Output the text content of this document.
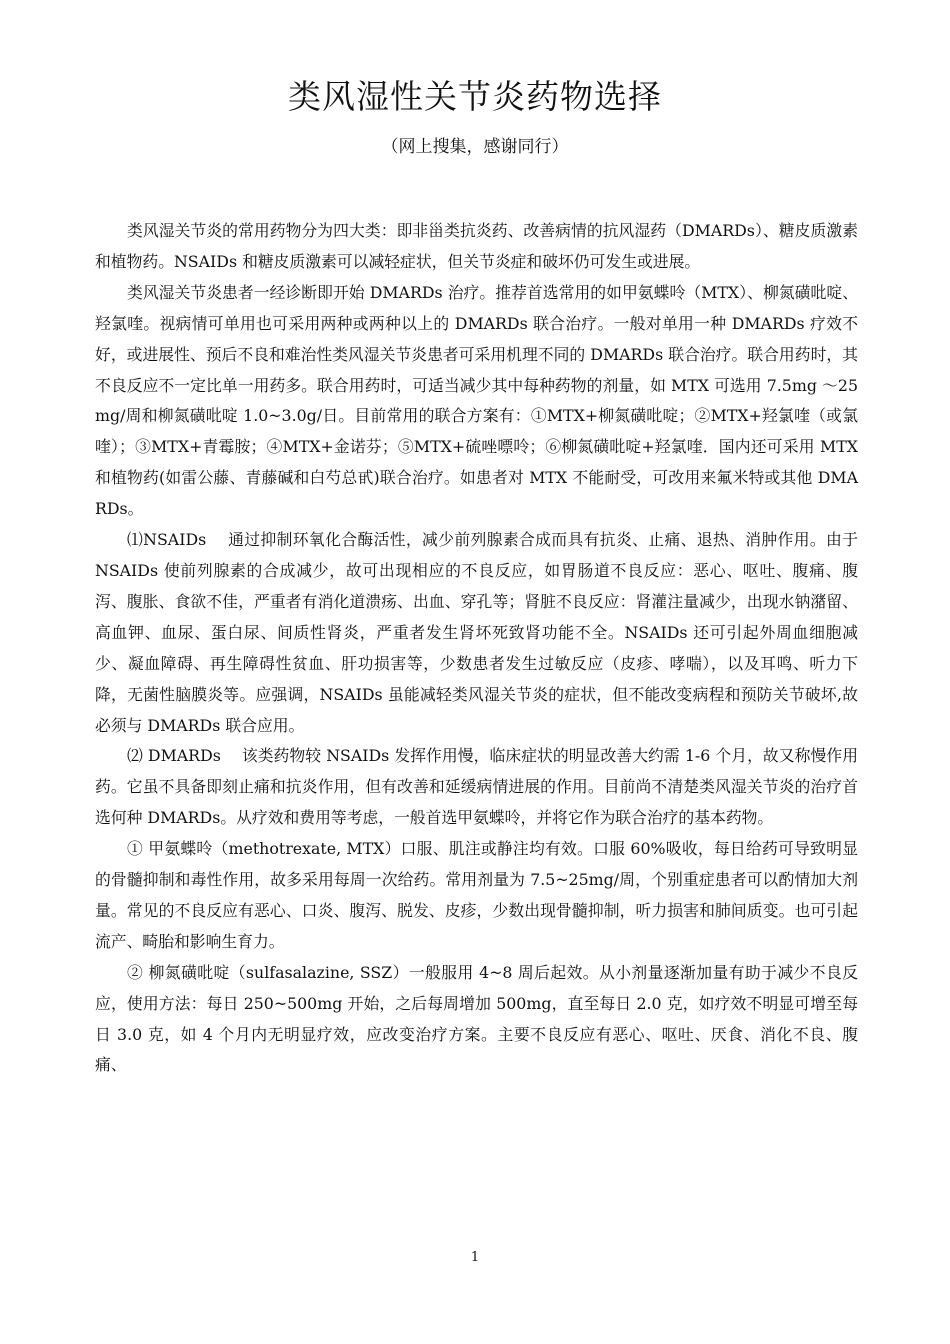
类风湿性关节炎药物选择
（网上搜集，感谢同行）

类风湿关节炎的常用药物分为四大类：即非甾类抗炎药、改善病情的抗风湿药（DMARDs）、糖皮质激素和植物药。NSAIDs 和糖皮质激素可以减轻症状，但关节炎症和破坏仍可发生或进展。

类风湿关节炎患者一经诊断即开始 DMARDs 治疗。推荐首选常用的如甲氨蝶呤（MTX）、柳氮磺吡啶、羟氯喹。视病情可单用也可采用两种或两种以上的 DMARDs 联合治疗。一般对单用一种 DMARDs 疗效不好，或进展性、预后不良和难治性类风湿关节炎患者可采用机理不同的 DMARDs 联合治疗。联合用药时，其不良反应不一定比单一用药多。联合用药时，可适当减少其中每种药物的剂量，如 MTX 可选用 7.5mg ～25mg/周和柳氮磺吡啶 1.0~3.0g/日。目前常用的联合方案有：①MTX+柳氮磺吡啶；②MTX+羟氯喹（或氯喹）；③MTX+青霉胺；④MTX+金诺芬；⑤MTX+硫唑嘌呤；⑥柳氮磺吡啶+羟氯喹．国内还可采用 MTX 和植物药(如雷公藤、青藤碱和白芍总甙)联合治疗。如患者对 MTX 不能耐受，可改用来氟米特或其他 DMARDs。

⑴NSAIDs　 通过抑制环氧化合酶活性，减少前列腺素合成而具有抗炎、止痛、退热、消肿作用。由于 NSAIDs 使前列腺素的合成减少，故可出现相应的不良反应，如胃肠道不良反应：恶心、呕吐、腹痛、腹泻、腹胀、食欲不佳，严重者有消化道溃疡、出血、穿孔等；肾脏不良反应：肾灌注量减少，出现水钠潴留、高血钾、血尿、蛋白尿、间质性肾炎，严重者发生肾坏死致肾功能不全。NSAIDs 还可引起外周血细胞减少、凝血障碍、再生障碍性贫血、肝功损害等，少数患者发生过敏反应（皮疹、哮喘），以及耳鸣、听力下降，无菌性脑膜炎等。应强调，NSAIDs 虽能减轻类风湿关节炎的症状，但不能改变病程和预防关节破坏,故必须与 DMARDs 联合应用。

⑵ DMARDs　 该类药物较 NSAIDs 发挥作用慢，临床症状的明显改善大约需 1-6 个月，故又称慢作用药。它虽不具备即刻止痛和抗炎作用，但有改善和延缓病情进展的作用。目前尚不清楚类风湿关节炎的治疗首选何种 DMARDs。从疗效和费用等考虑，一般首选甲氨蝶呤，并将它作为联合治疗的基本药物。

① 甲氨蝶呤（methotrexate, MTX）口服、肌注或静注均有效。口服 60%吸收，每日给药可导致明显的骨髓抑制和毒性作用，故多采用每周一次给药。常用剂量为 7.5~25mg/周，个别重症患者可以酌情加大剂量。常见的不良反应有恶心、口炎、腹泻、脱发、皮疹，少数出现骨髓抑制，听力损害和肺间质变。也可引起流产、畸胎和影响生育力。

② 柳氮磺吡啶（sulfasalazine, SSZ）一般服用 4~8 周后起效。从小剂量逐渐加量有助于减少不良反应，使用方法：每日 250~500mg 开始，之后每周增加 500mg，直至每日 2.0 克，如疗效不明显可增至每日 3.0 克，如 4 个月内无明显疗效，应改变治疗方案。主要不良反应有恶心、呕吐、厌食、消化不良、腹痛、

1
